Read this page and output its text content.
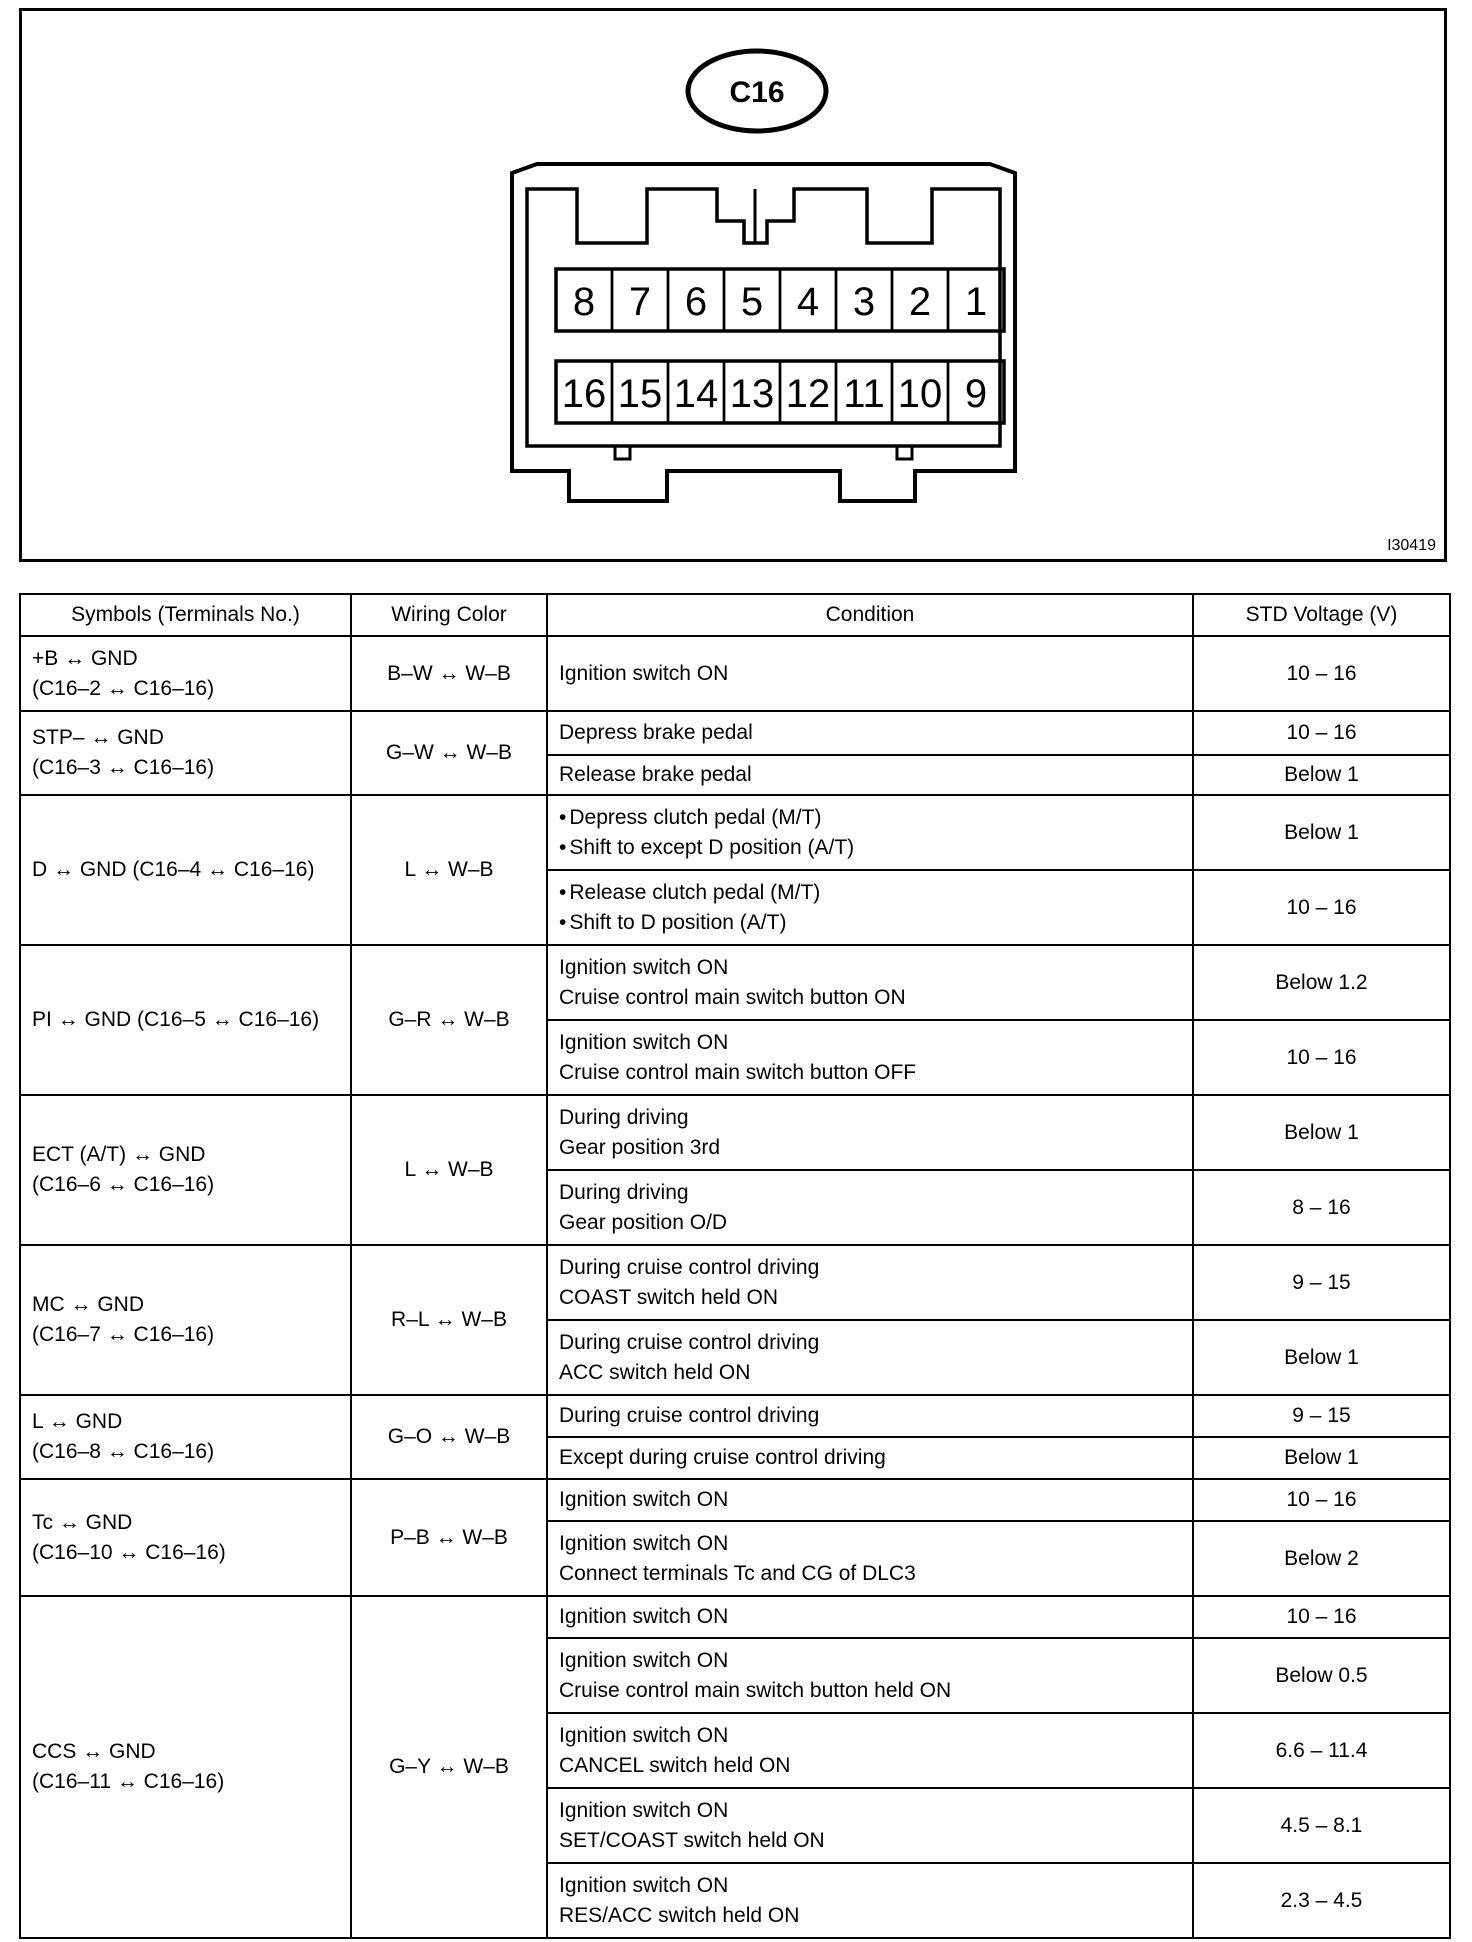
C16
8 7 6 5 4 3 2 1
16 15 14 13 12 11 10 9
I30419
Symbols (Terminals No.)	Wiring Color	Condition	STD Voltage (V)

+B ↔ GND
(C16–2 ↔ C16–16)	B–W ↔ W–B	Ignition switch ON	10 – 16

STP– ↔ GND
(C16–3 ↔ C16–16)	G–W ↔ W–B	Depress brake pedal	10 – 16

		Release brake pedal	Below 1

D ↔ GND (C16–4 ↔ C16–16)	L ↔ W–B	• Depress clutch pedal (M/T)
• Shift to except D position (A/T)	Below 1

		• Release clutch pedal (M/T)
• Shift to D position (A/T)	10 – 16

PI ↔ GND (C16–5 ↔ C16–16)	G–R ↔ W–B	Ignition switch ON
Cruise control main switch button ON	Below 1.2

		Ignition switch ON
Cruise control main switch button OFF	10 – 16

ECT (A/T) ↔ GND
(C16–6 ↔ C16–16)	L ↔ W–B	During driving
Gear position 3rd	Below 1

		During driving
Gear position O/D	8 – 16

MC ↔ GND
(C16–7 ↔ C16–16)	R–L ↔ W–B	During cruise control driving
COAST switch held ON	9 – 15

		During cruise control driving
ACC switch held ON	Below 1

L ↔ GND
(C16–8 ↔ C16–16)	G–O ↔ W–B	During cruise control driving	9 – 15

		Except during cruise control driving	Below 1

Tc ↔ GND
(C16–10 ↔ C16–16)	P–B ↔ W–B	Ignition switch ON	10 – 16

		Ignition switch ON
Connect terminals Tc and CG of DLC3	Below 2

CCS ↔ GND
(C16–11 ↔ C16–16)	G–Y ↔ W–B	Ignition switch ON	10 – 16

		Ignition switch ON
Cruise control main switch button held ON	Below 0.5

		Ignition switch ON
CANCEL switch held ON	6.6 – 11.4

		Ignition switch ON
SET/COAST switch held ON	4.5 – 8.1

		Ignition switch ON
RES/ACC switch held ON	2.3 – 4.5
